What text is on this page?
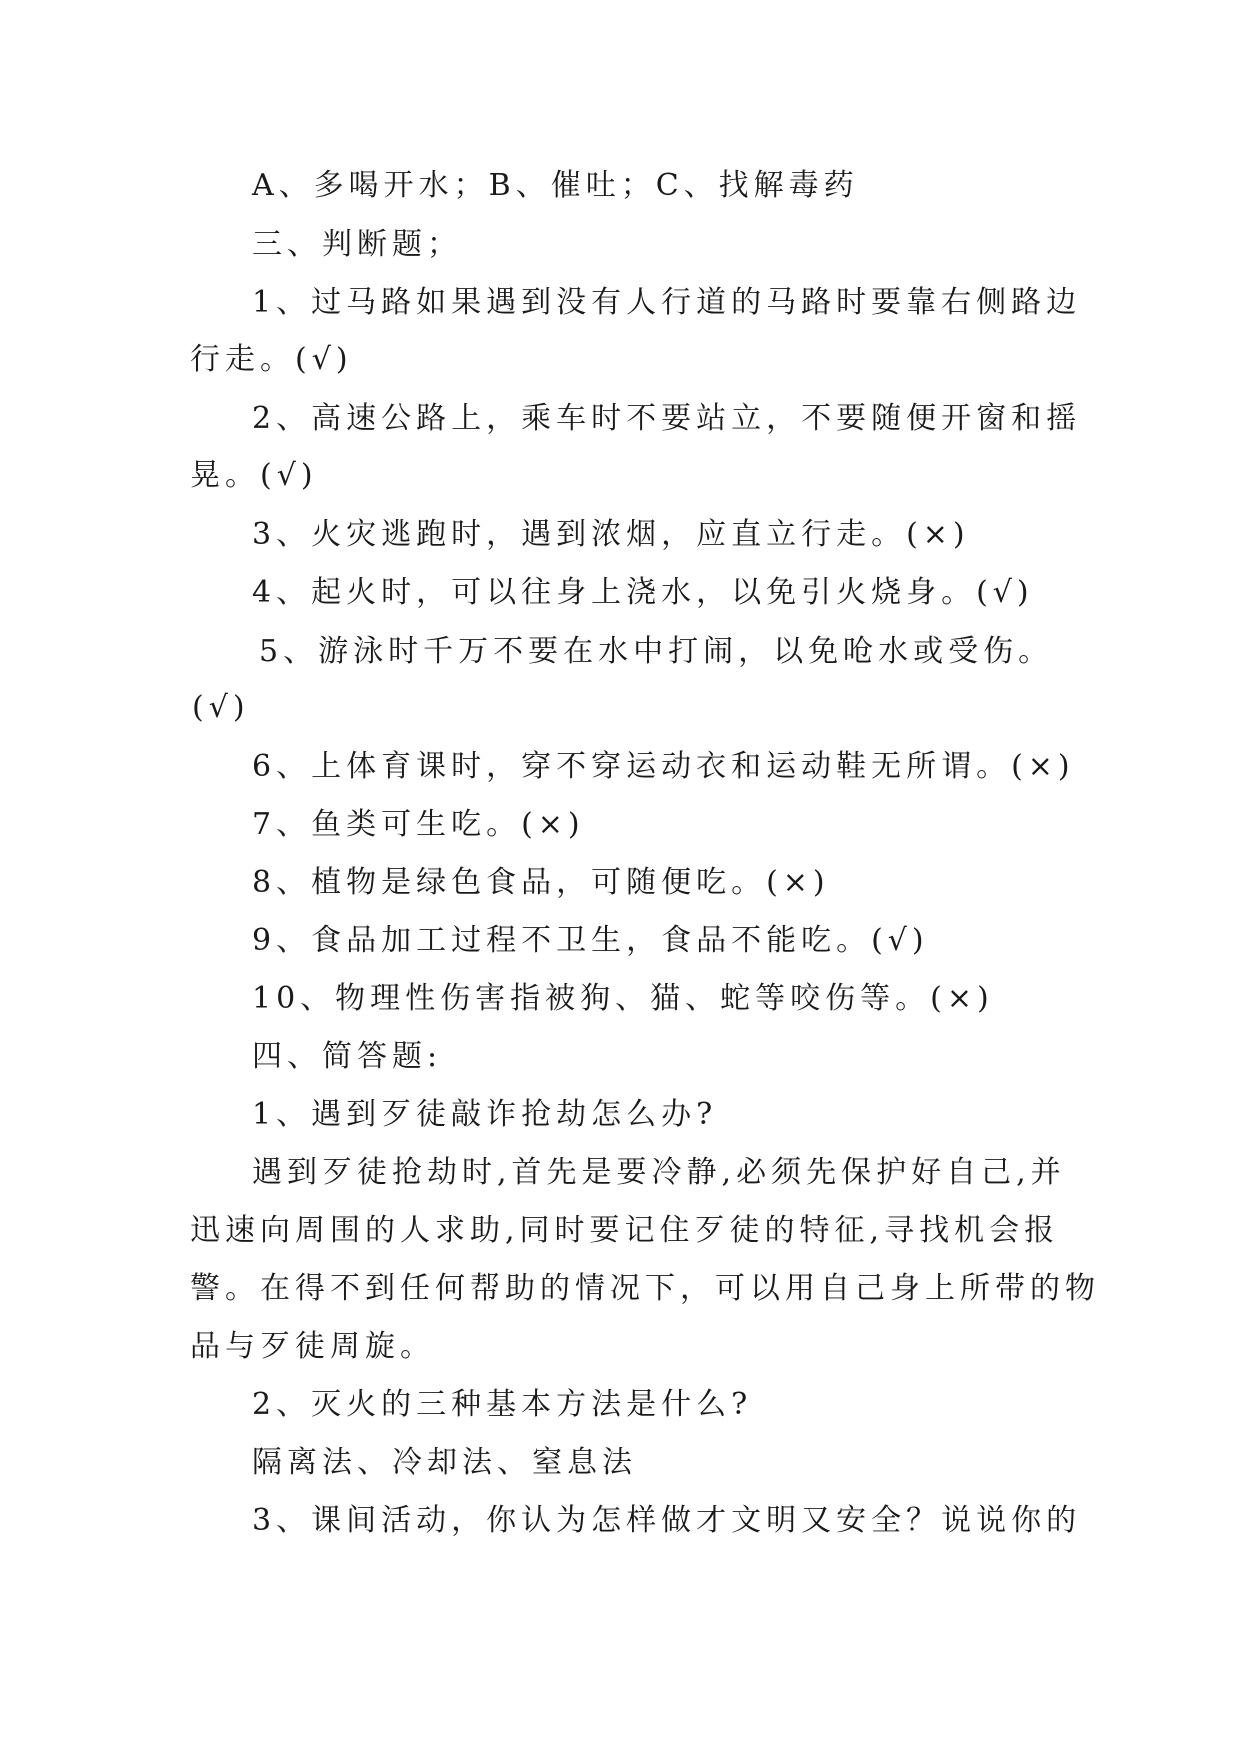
A、多喝开水；B、催吐；C、找解毒药
三、判断题；
1、过马路如果遇到没有人行道的马路时要靠右侧路边
行走。(√)
2、高速公路上，乘车时不要站立，不要随便开窗和摇
晃。(√)
3、火灾逃跑时，遇到浓烟，应直立行走。(×)
4、起火时，可以往身上浇水，以免引火烧身。(√)
5、游泳时千万不要在水中打闹，以免呛水或受伤。
(√)
6、上体育课时，穿不穿运动衣和运动鞋无所谓。(×)
7、鱼类可生吃。(×)
8、植物是绿色食品，可随便吃。(×)
9、食品加工过程不卫生，食品不能吃。(√)
10、物理性伤害指被狗、猫、蛇等咬伤等。(×)
四、简答题:
1、遇到歹徒敲诈抢劫怎么办?
遇到歹徒抢劫时,首先是要冷静,必须先保护好自己,并
迅速向周围的人求助,同时要记住歹徒的特征,寻找机会报
警。在得不到任何帮助的情况下，可以用自己身上所带的物
品与歹徒周旋。
2、灭火的三种基本方法是什么?
隔离法、冷却法、窒息法
3、课间活动，你认为怎样做才文明又安全？说说你的
